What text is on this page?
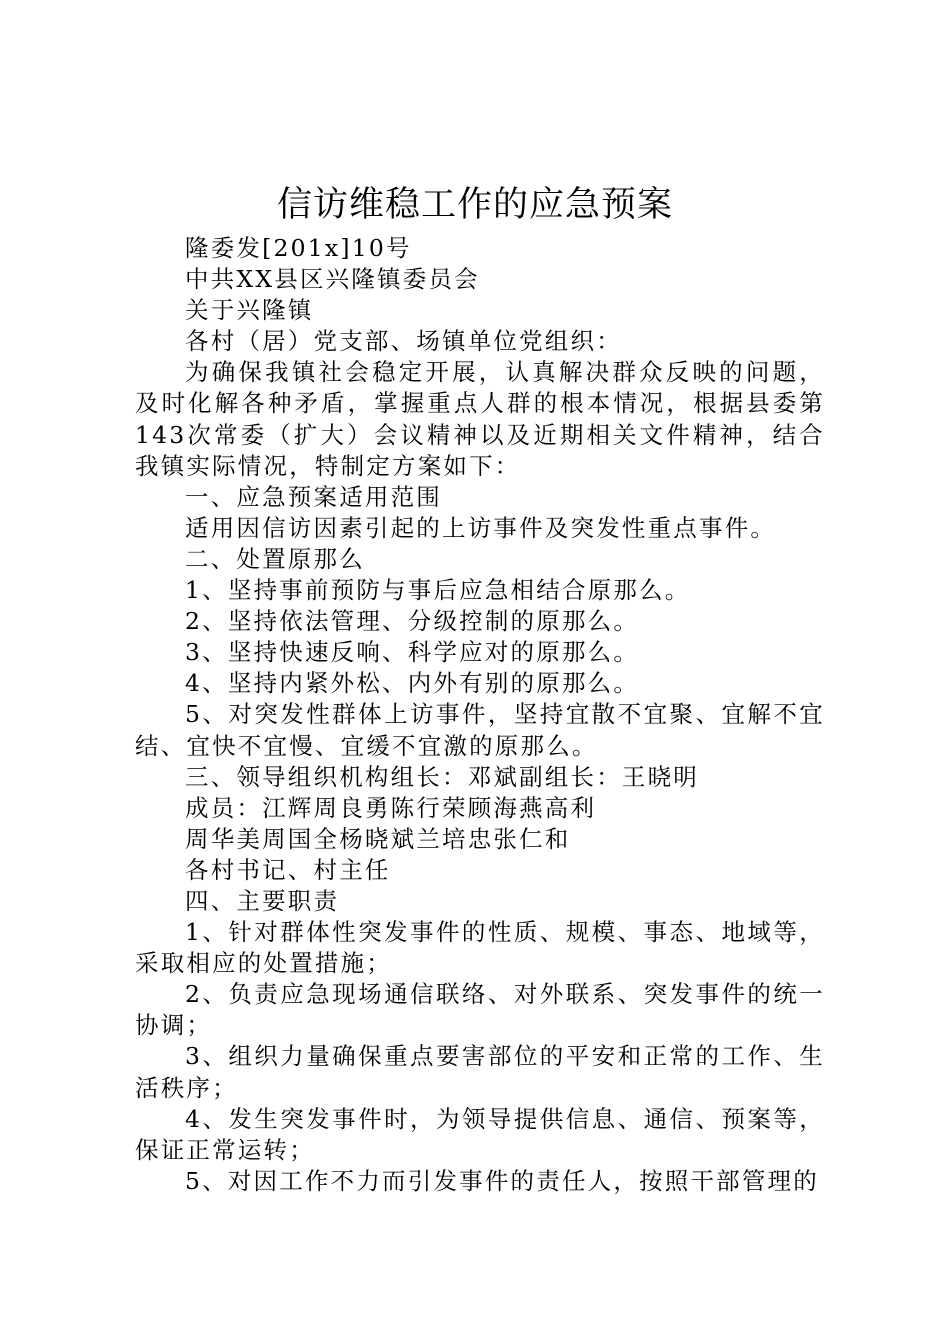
信访维稳工作的应急预案

隆委发[201x]10号

中共XX县区兴隆镇委员会

关于兴隆镇

各村（居）党支部、场镇单位党组织：

为确保我镇社会稳定开展，认真解决群众反映的问题，及时化解各种矛盾，掌握重点人群的根本情况，根据县委第143次常委（扩大）会议精神以及近期相关文件精神，结合我镇实际情况，特制定方案如下：

一、应急预案适用范围

适用因信访因素引起的上访事件及突发性重点事件。

二、处置原那么

1、坚持事前预防与事后应急相结合原那么。

2、坚持依法管理、分级控制的原那么。

3、坚持快速反响、科学应对的原那么。

4、坚持内紧外松、内外有别的原那么。

5、对突发性群体上访事件，坚持宜散不宜聚、宜解不宜结、宜快不宜慢、宜缓不宜激的原那么。

三、领导组织机构组长：邓斌副组长：王晓明

成员：江辉周良勇陈行荣顾海燕高利

周华美周国全杨晓斌兰培忠张仁和

各村书记、村主任

四、主要职责

1、针对群体性突发事件的性质、规模、事态、地域等，采取相应的处置措施；

2、负责应急现场通信联络、对外联系、突发事件的统一协调；

3、组织力量确保重点要害部位的平安和正常的工作、生活秩序；

4、发生突发事件时，为领导提供信息、通信、预案等，保证正常运转；

5、对因工作不力而引发事件的责任人，按照干部管理的
